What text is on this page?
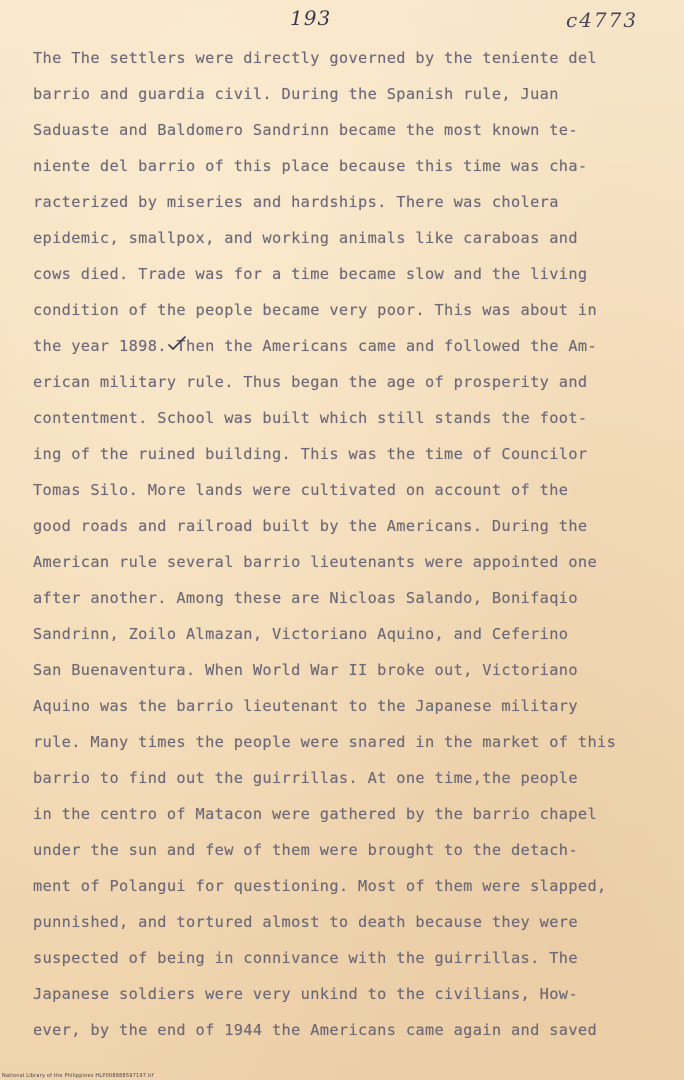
193	c4773
The The settlers were directly governed by the teniente del
barrio and guardia civil. During the Spanish rule, Juan
Saduaste and Baldomero Sandrinn became the most known te-
niente del barrio of this place because this time was cha-
racterized by miseries and hardships. There was cholera
epidemic, smallpox, and working animals like caraboas and
cows died. Trade was for a time became slow and the living
condition of the people became very poor. This was about in
the year 1898. Then the Americans came and followed the Am-
erican military rule. Thus began the age of prosperity and
contentment. School was built which still stands the foot-
ing of the ruined building. This was the time of Councilor
Tomas Silo. More lands were cultivated on account of the
good roads and railroad built by the Americans. During the
American rule several barrio lieutenants were appointed one
after another. Among these are Nicloas Salando, Bonifaqio
Sandrinn, Zoilo Almazan, Victoriano Aquino, and Ceferino
San Buenaventura. When World War II broke out, Victoriano
Aquino was the barrio lieutenant to the Japanese military
rule. Many times the people were snared in the market of this
barrio to find out the guirrillas. At one time,the people
in the centro of Matacon were gathered by the barrio chapel
under the sun and few of them were brought to the detach-
ment of Polangui for questioning. Most of them were slapped,
punnished, and tortured almost to death because they were
suspected of being in connivance with the guirrillas. The
Japanese soldiers were very unkind to the civilians, How-
ever, by the end of 1944 the Americans came again and saved
National Library of the Philippines HLP008888597197.tif
